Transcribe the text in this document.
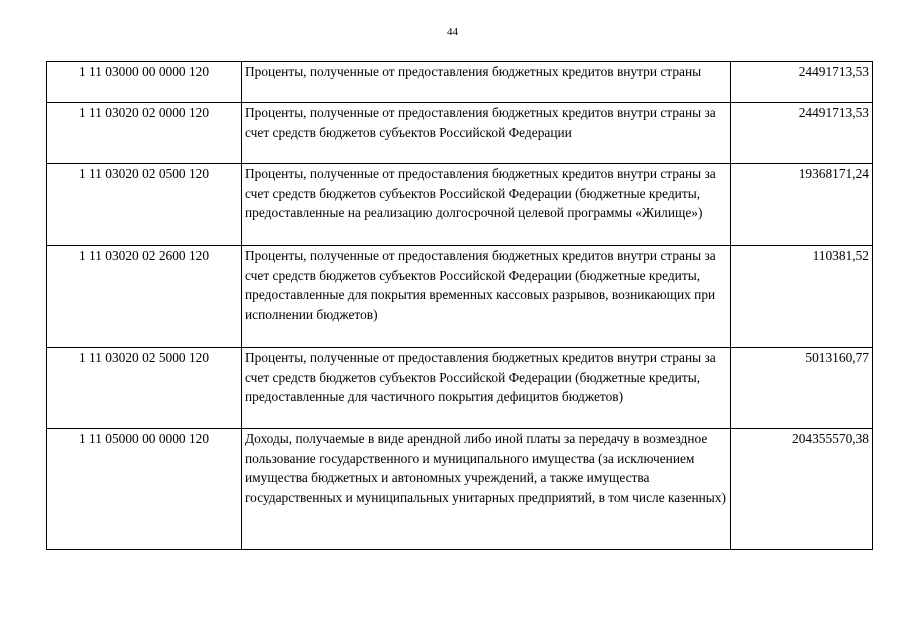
44
1 11 03000 00 0000 120	Проценты, полученные от предоставления бюджетных кредитов внутри страны	24491713,53
1 11 03020 02 0000 120	Проценты, полученные от предоставления бюджетных кредитов внутри страны за счет средств бюджетов субъектов Российской Федерации	24491713,53
1 11 03020 02 0500 120	Проценты, полученные от предоставления бюджетных кредитов внутри страны за счет средств бюджетов субъектов Российской Федерации (бюджетные кредиты, предоставленные на реализацию долгосрочной целевой программы «Жилище»)	19368171,24
1 11 03020 02 2600 120	Проценты, полученные от предоставления бюджетных кредитов внутри страны за счет средств бюджетов субъектов Российской Федерации (бюджетные кредиты, предоставленные для покрытия временных кассовых разрывов, возникающих при исполнении бюджетов)	110381,52
1 11 03020 02 5000 120	Проценты, полученные от предоставления бюджетных кредитов внутри страны за счет средств бюджетов субъектов Российской Федерации (бюджетные кредиты, предоставленные для частичного покрытия дефицитов бюджетов)	5013160,77
1 11 05000 00 0000 120	Доходы, получаемые в виде арендной либо иной платы за передачу в возмездное пользование государственного и муниципального имущества (за исключением имущества бюджетных и автономных учреждений, а также имущества государственных и муниципальных унитарных предприятий, в том числе казенных)	204355570,38
